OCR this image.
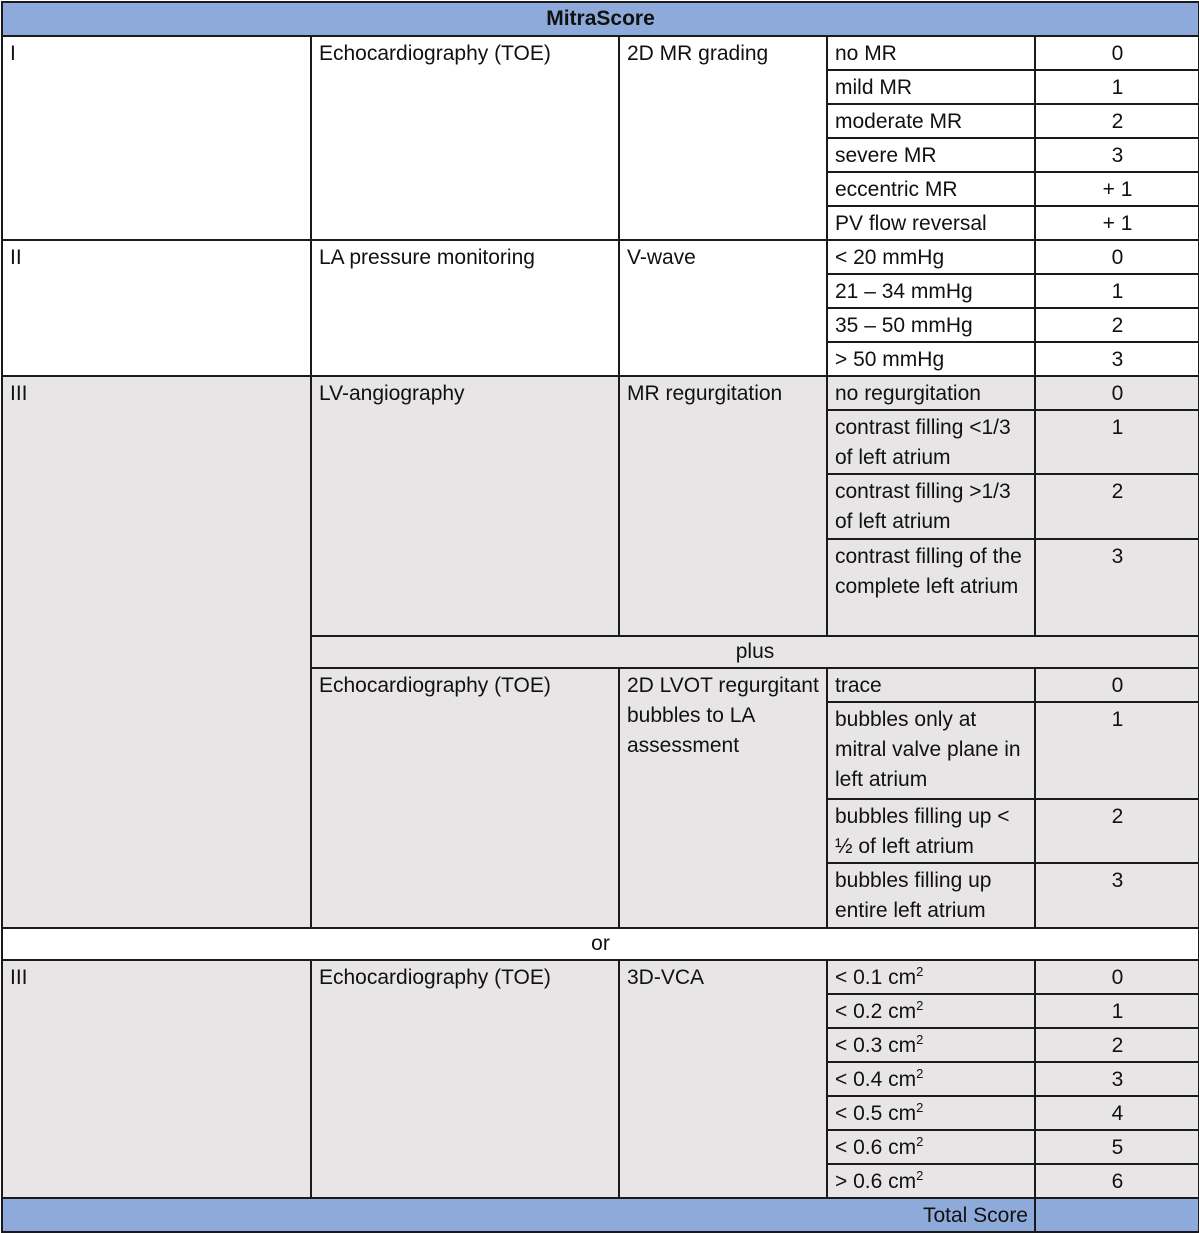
MitraScore				
I	Echocardiography (TOE)	2D MR grading	no MR	0
			mild MR	1
			moderate MR	2
			severe MR	3
			eccentric MR	+ 1
			PV flow reversal	+ 1
II	LA pressure monitoring	V-wave	< 20 mmHg	0
			21 – 34 mmHg	1
			35 – 50 mmHg	2
			> 50 mmHg	3
III	LV-angiography	MR regurgitation	no regurgitation	0
			contrast filling <1/3 of left atrium	1
			contrast filling >1/3 of left atrium	2
			contrast filling of the complete left atrium	3
	plus			
	Echocardiography (TOE)	2D LVOT regurgitant bubbles to LA assessment	trace	0
			bubbles only at mitral valve plane in left atrium	1
			bubbles filling up < ½ of left atrium	2
			bubbles filling up entire left atrium	3
or				
III	Echocardiography (TOE)	3D-VCA	< 0.1 $cm^2$	0
			< 0.2 $cm^2$	1
			< 0.3 $cm^2$	2
			< 0.4 $cm^2$	3
			< 0.5 $cm^2$	4
			< 0.6 $cm^2$	5
			> 0.6 $cm^2$	6
Total Score				
